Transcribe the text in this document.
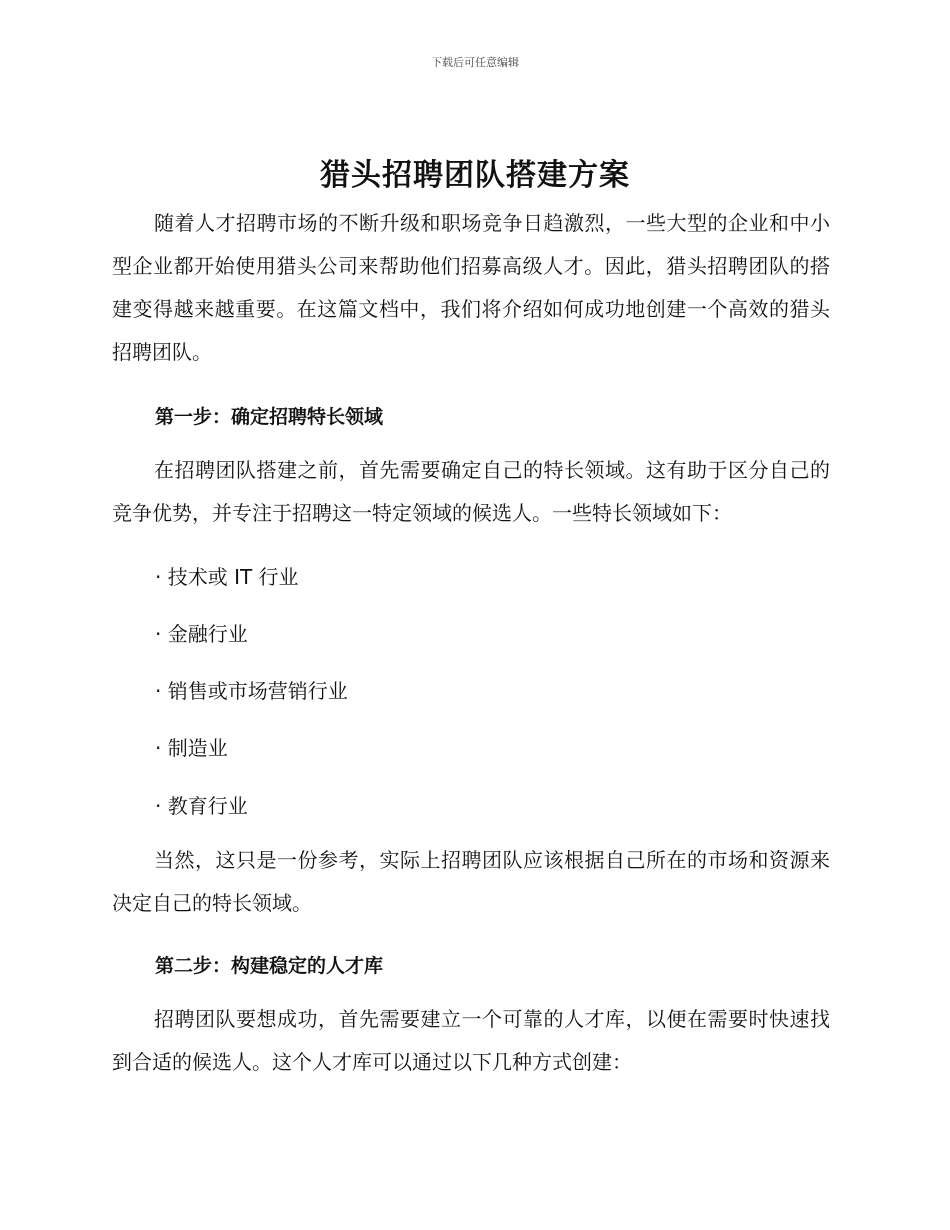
下载后可任意编辑
猎头招聘团队搭建方案

随着人才招聘市场的不断升级和职场竞争日趋激烈，一些大型的企业和中小型企业都开始使用猎头公司来帮助他们招募高级人才。因此，猎头招聘团队的搭建变得越来越重要。在这篇文档中，我们将介绍如何成功地创建一个高效的猎头招聘团队。

第一步：确定招聘特长领域

在招聘团队搭建之前，首先需要确定自己的特长领域。这有助于区分自己的竞争优势，并专注于招聘这一特定领域的候选人。一些特长领域如下：

· 技术或 IT 行业
· 金融行业
· 销售或市场营销行业
· 制造业
· 教育行业

当然，这只是一份参考，实际上招聘团队应该根据自己所在的市场和资源来决定自己的特长领域。

第二步：构建稳定的人才库

招聘团队要想成功，首先需要建立一个可靠的人才库，以便在需要时快速找到合适的候选人。这个人才库可以通过以下几种方式创建：
